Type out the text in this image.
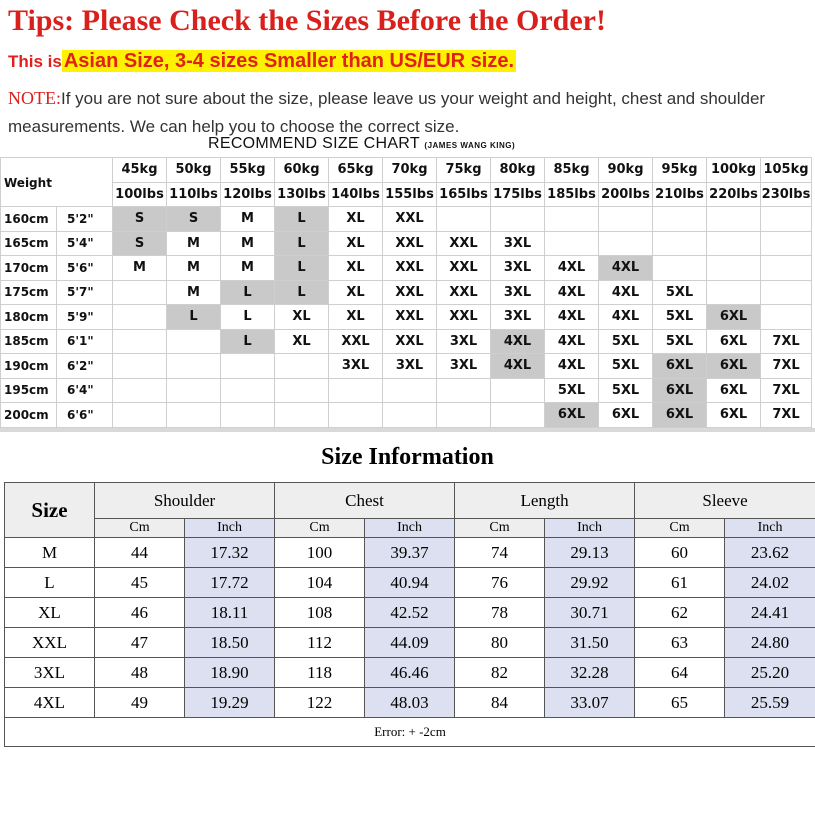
Tips: Please Check the Sizes Before the Order!
This is Asian Size, 3-4 sizes Smaller than US/EUR size.
NOTE:If you are not sure about the size, please leave us your weight and height, chest and shoulder measurements. We can help you to choose the correct size.
RECOMMEND SIZE CHART (JAMES WANG KING)
Weight		45kg	50kg	55kg	60kg	65kg	70kg	75kg	80kg	85kg	90kg	95kg	100kg	105kg
		100lbs	110lbs	120lbs	130lbs	140lbs	155lbs	165lbs	175lbs	185lbs	200lbs	210lbs	220lbs	230lbs
160cm	5'2"	S	S	M	L	XL	XXL							
165cm	5'4"	S	M	M	L	XL	XXL	XXL	3XL					
170cm	5'6"	M	M	M	L	XL	XXL	XXL	3XL	4XL	4XL			
175cm	5'7"		M	L	L	XL	XXL	XXL	3XL	4XL	4XL	5XL		
180cm	5'9"		L	L	XL	XL	XXL	XXL	3XL	4XL	4XL	5XL	6XL	
185cm	6'1"			L	XL	XXL	XXL	3XL	4XL	4XL	5XL	5XL	6XL	7XL
190cm	6'2"					3XL	3XL	3XL	4XL	4XL	5XL	6XL	6XL	7XL
195cm	6'4"									5XL	5XL	6XL	6XL	7XL
200cm	6'6"									6XL	6XL	6XL	6XL	7XL
Size Information
Size	Shoulder		Chest		Length		Sleeve	
	Cm	Inch	Cm	Inch	Cm	Inch	Cm	Inch
M	44	17.32	100	39.37	74	29.13	60	23.62
L	45	17.72	104	40.94	76	29.92	61	24.02
XL	46	18.11	108	42.52	78	30.71	62	24.41
XXL	47	18.50	112	44.09	80	31.50	63	24.80
3XL	48	18.90	118	46.46	82	32.28	64	25.20
4XL	49	19.29	122	48.03	84	33.07	65	25.59
Error: + -2cm								
